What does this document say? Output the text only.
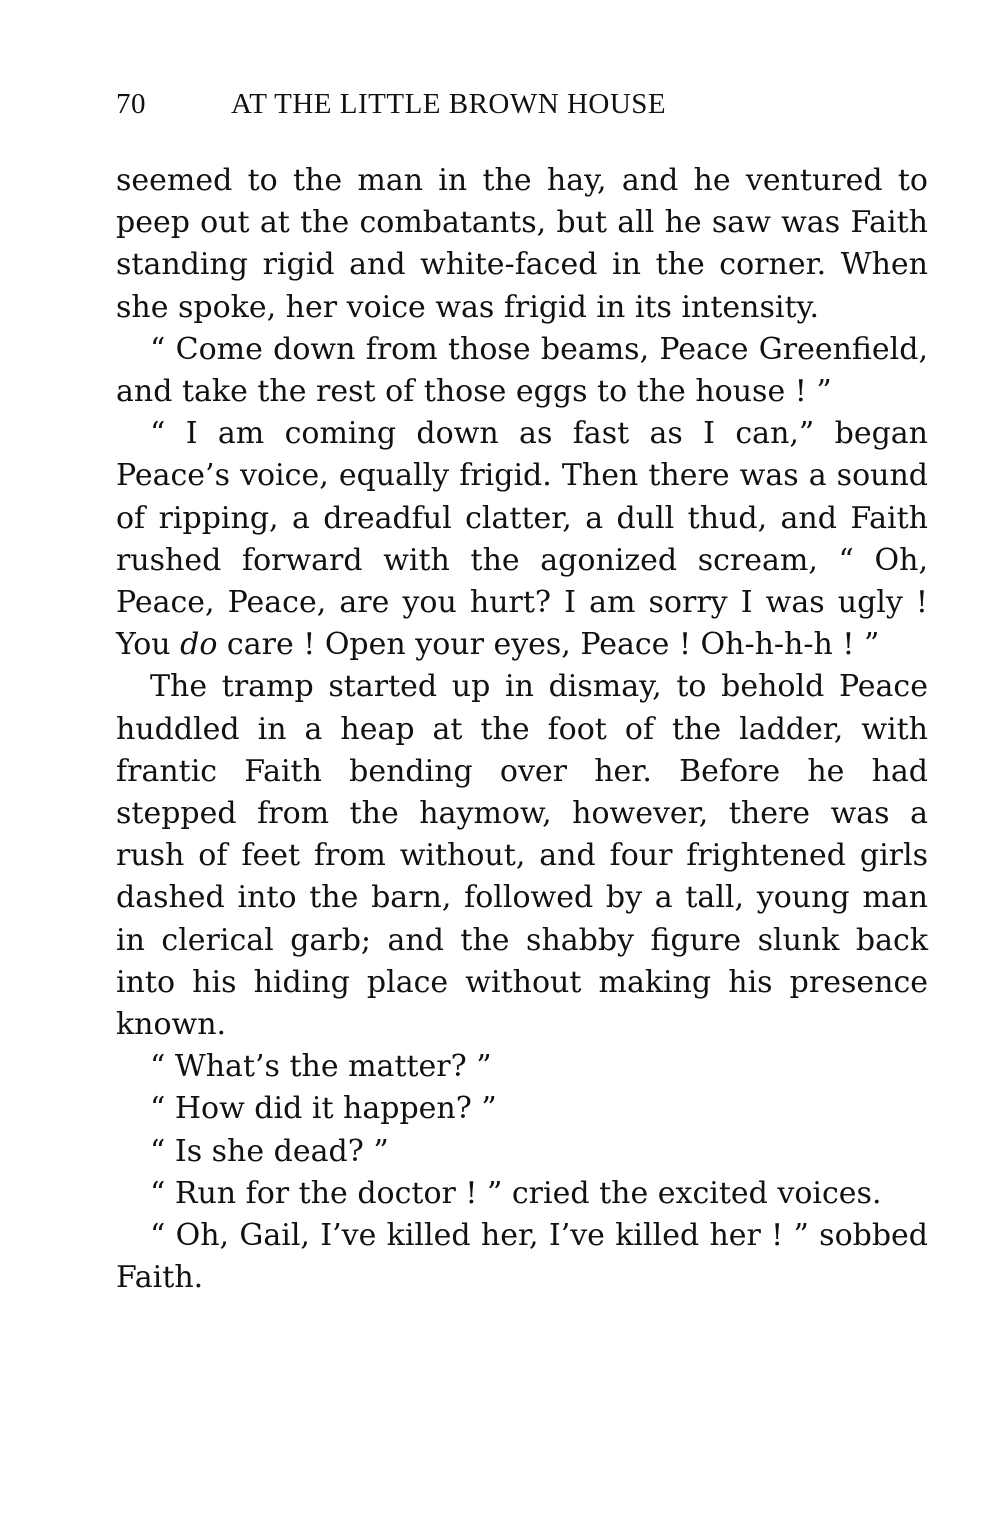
70	AT THE LITTLE BROWN HOUSE

seemed to the man in the hay, and he ventured to peep out at the combatants, but all he saw was Faith standing rigid and white-faced in the corner. When she spoke, her voice was frigid in its intensity.

“ Come down from those beams, Peace Greenfield, and take the rest of those eggs to the house ! ”

“ I am coming down as fast as I can,” began Peace’s voice, equally frigid. Then there was a sound of ripping, a dreadful clatter, a dull thud, and Faith rushed forward with the agonized scream, “ Oh, Peace, Peace, are you hurt? I am sorry I was ugly ! You do care ! Open your eyes, Peace ! Oh-h-h-h ! ”

The tramp started up in dismay, to behold Peace huddled in a heap at the foot of the ladder, with frantic Faith bending over her. Before he had stepped from the haymow, however, there was a rush of feet from without, and four frightened girls dashed into the barn, followed by a tall, young man in clerical garb; and the shabby figure slunk back into his hiding place without making his presence known.

“ What’s the matter? ”

“ How did it happen? ”

“ Is she dead? ”

“ Run for the doctor ! ” cried the excited voices.

“ Oh, Gail, I’ve killed her, I’ve killed her ! ” sobbed Faith.
